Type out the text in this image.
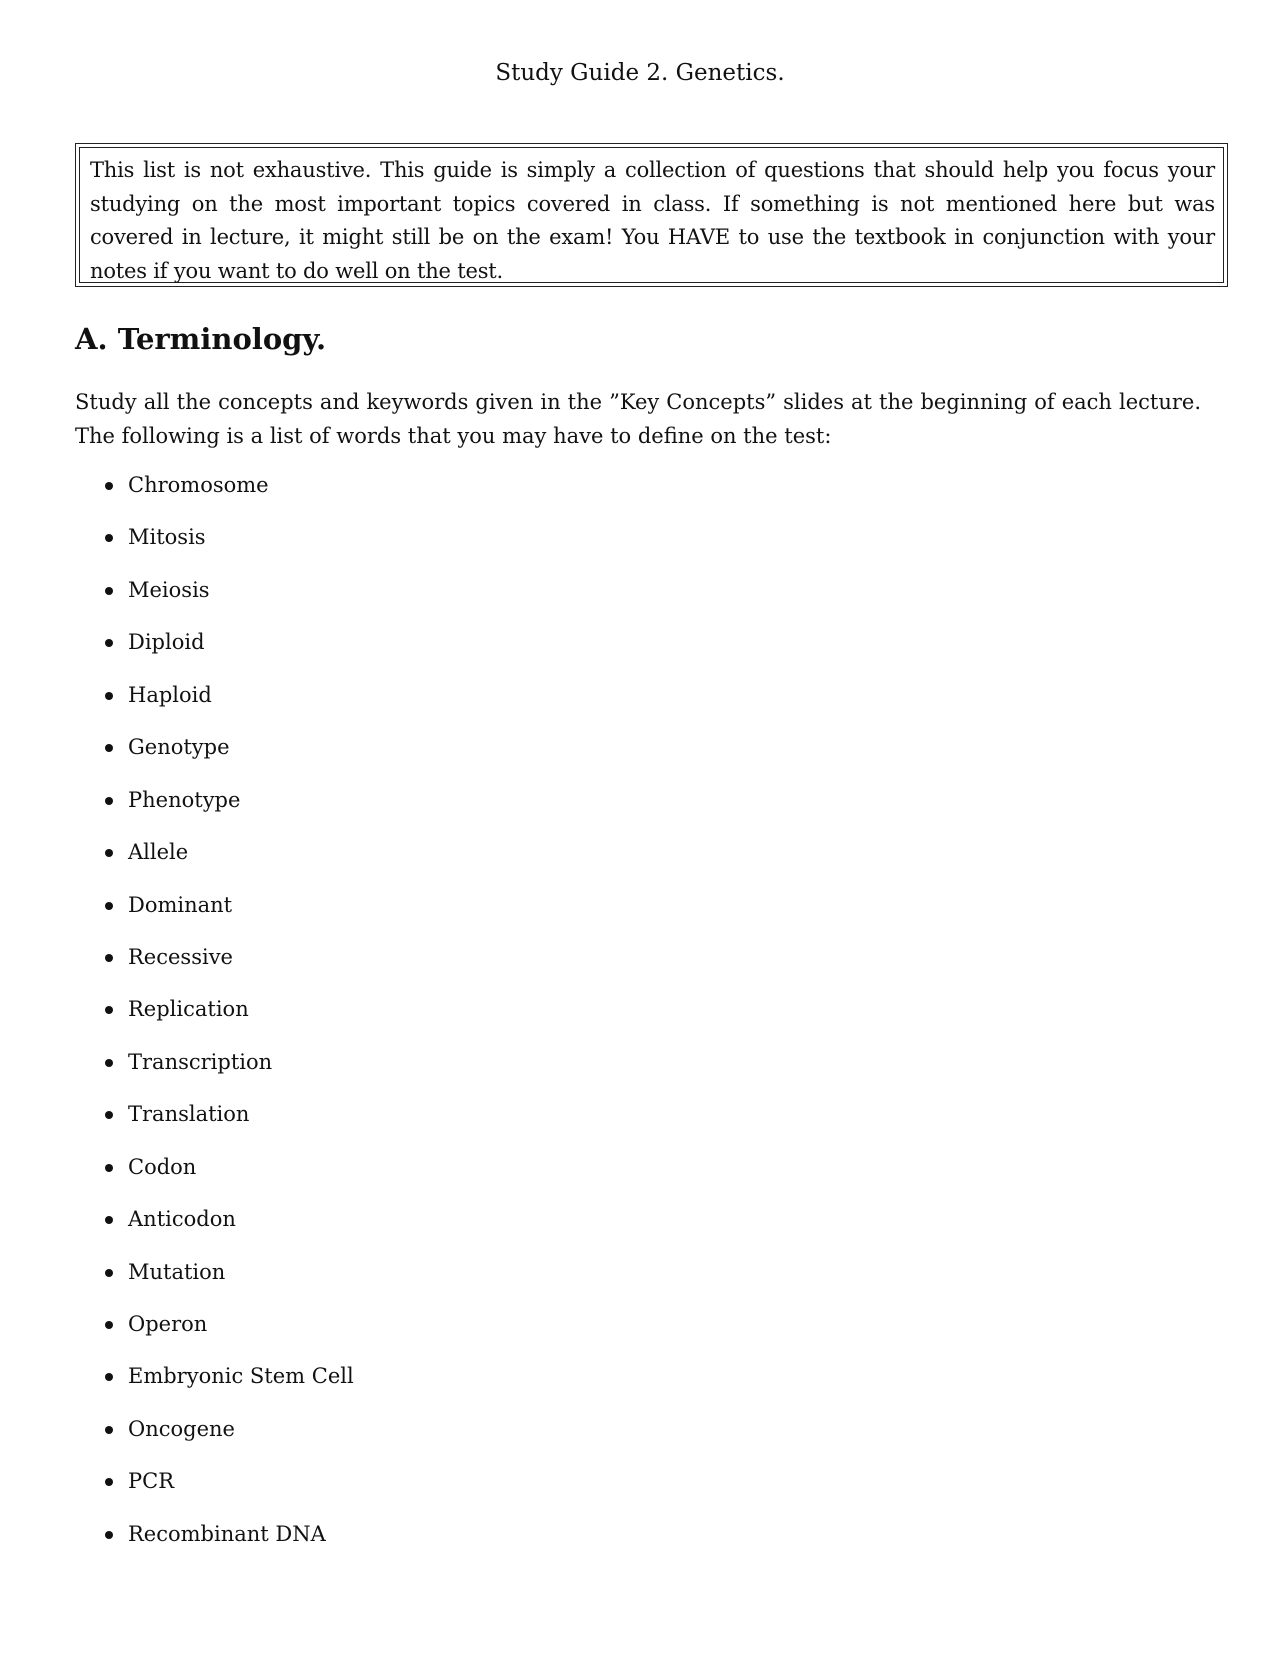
Study Guide 2. Genetics.
This list is not exhaustive. This guide is simply a collection of questions that should help you focus your studying on the most important topics covered in class. If something is not mentioned here but was covered in lecture, it might still be on the exam! You HAVE to use the textbook in conjunction with your notes if you want to do well on the test.
A. Terminology.

Study all the concepts and keywords given in the ”Key Concepts” slides at the beginning of each lecture. The following is a list of words that you may have to define on the test:

Chromosome
Mitosis
Meiosis
Diploid
Haploid
Genotype
Phenotype
Allele
Dominant
Recessive
Replication
Transcription
Translation
Codon
Anticodon
Mutation
Operon
Embryonic Stem Cell
Oncogene
PCR
Recombinant DNA
